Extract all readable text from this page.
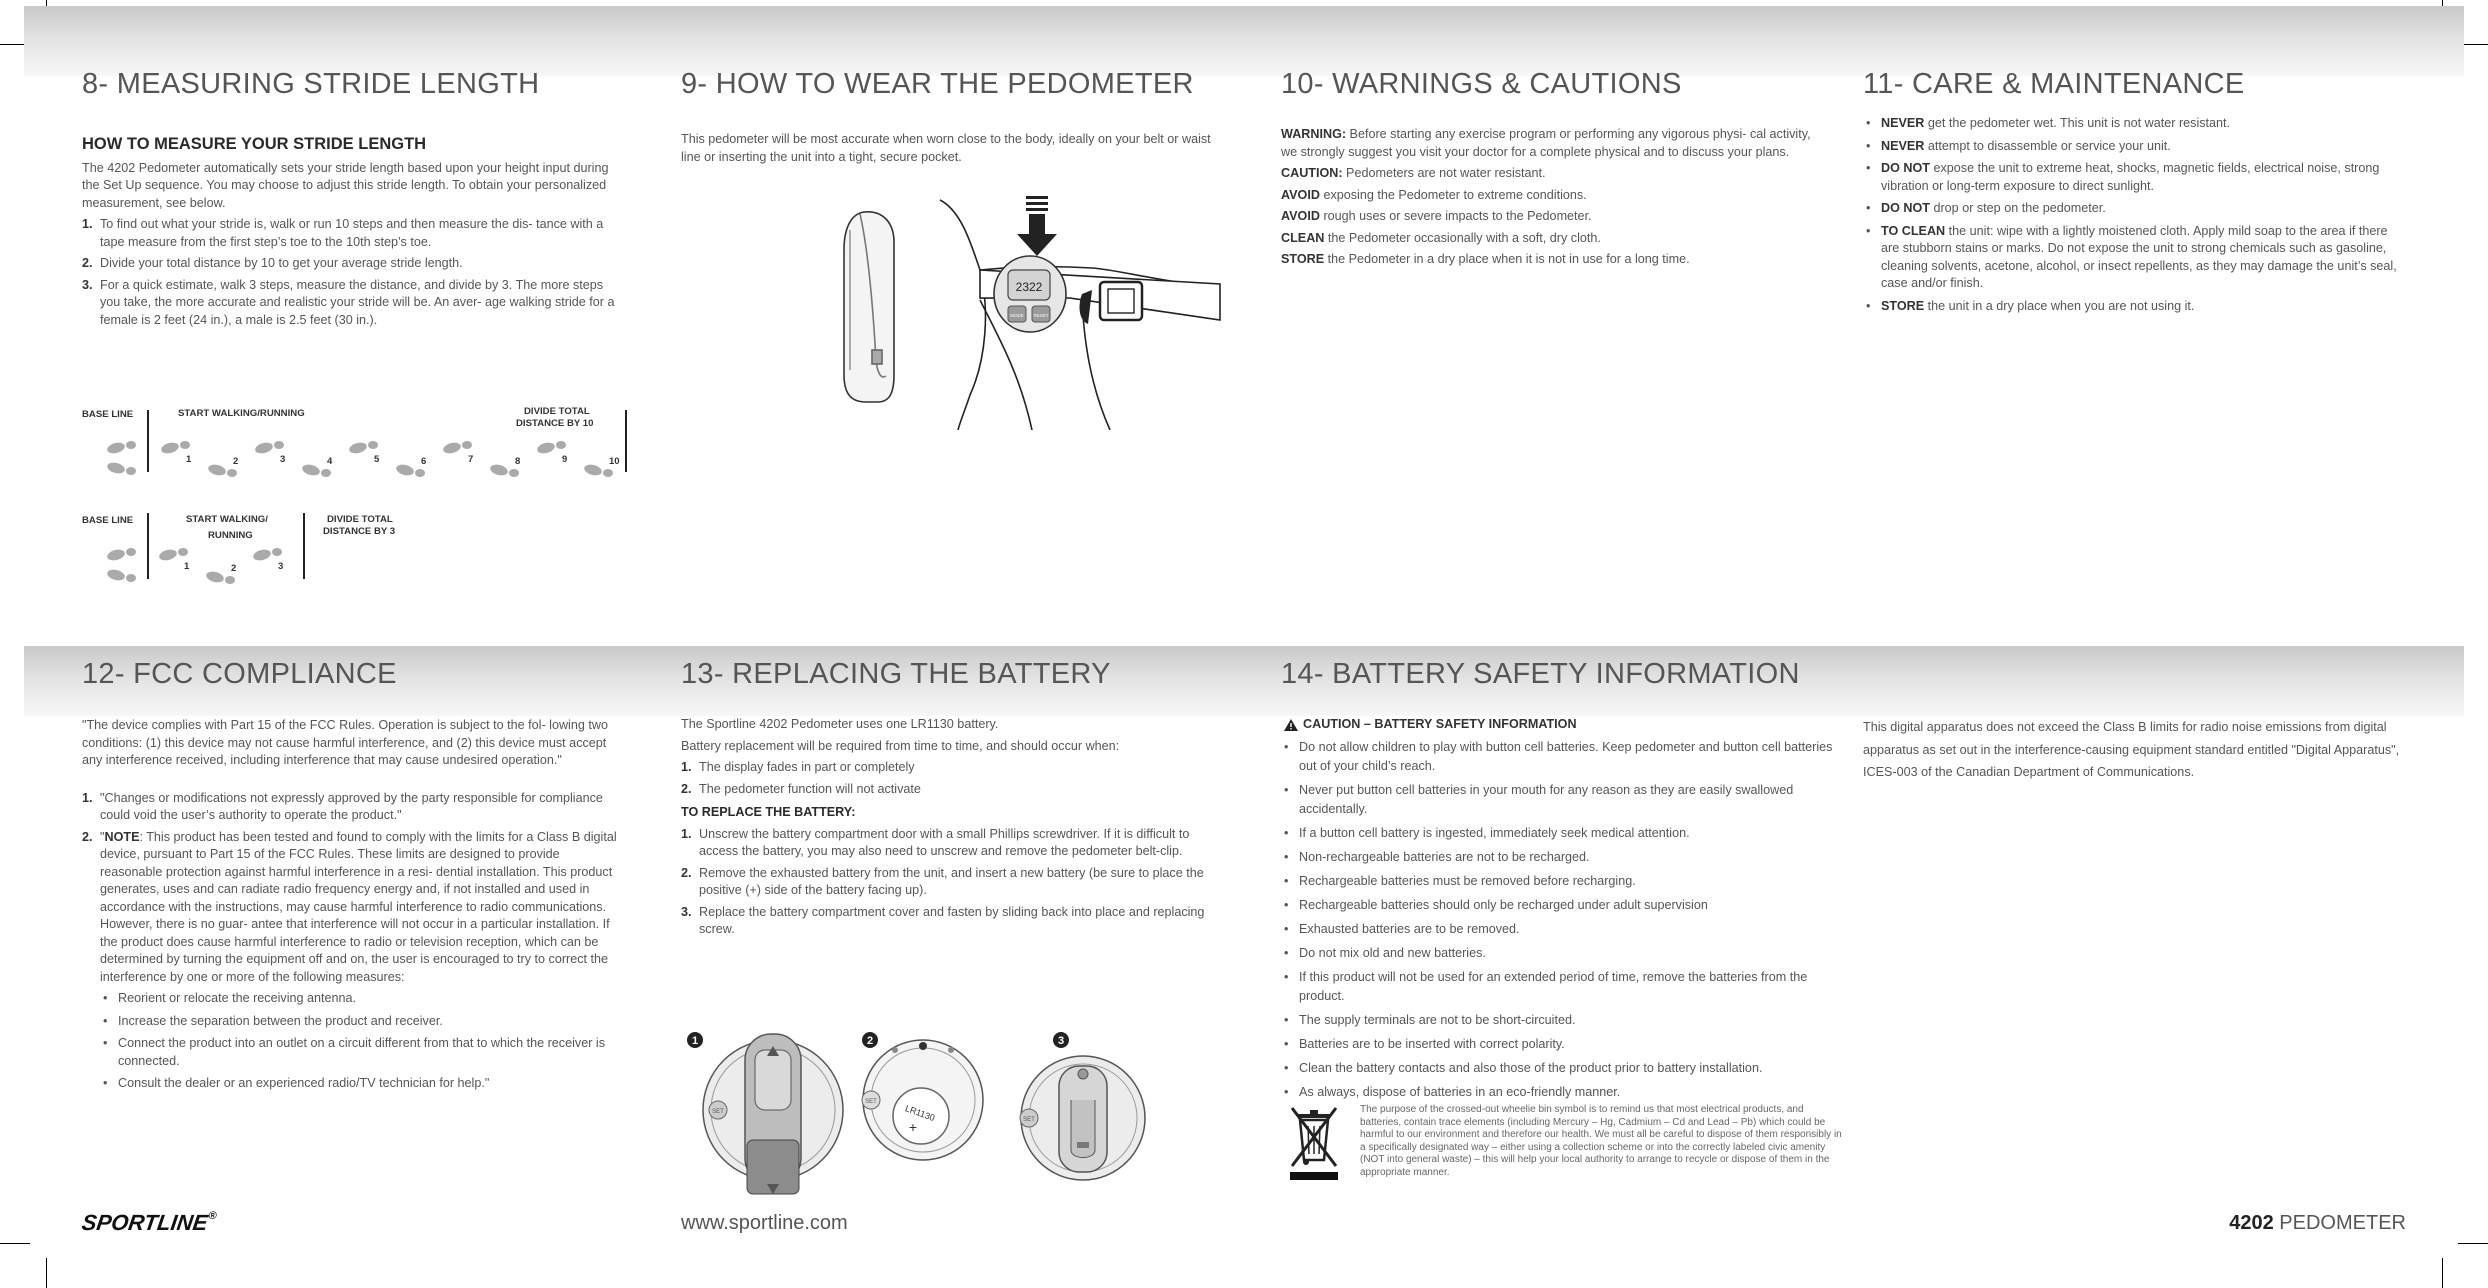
8- MEASURING STRIDE LENGTH
HOW TO MEASURE YOUR STRIDE LENGTH

The 4202 Pedometer automatically sets your stride length based upon your height input during the Set Up sequence. You may choose to adjust this stride length. To obtain your personalized measurement, see below.

1. To find out what your stride is, walk or run 10 steps and then measure the dis- tance with a tape measure from the first step’s toe to the 10th step’s toe.
2. Divide your total distance by 10 to get your average stride length.
3. For a quick estimate, walk 3 steps, measure the distance, and divide by 3. The more steps you take, the more accurate and realistic your stride will be. An aver- age walking stride for a female is 2 feet (24 in.), a male is 2.5 feet (30 in.).
BASE LINE	START WALKING/RUNNING	DIVIDE TOTAL
DISTANCE BY 10
1	2	3	4	5	6	7	8	9	10
BASE LINE	START WALKING/
RUNNING
DIVIDE TOTAL
DISTANCE BY 3
1	2	3
9- HOW TO WEAR THE PEDOMETER
This pedometer will be most accurate when worn close to the body, ideally on your belt or waist line or inserting the unit into a tight, secure pocket.
2322
MODE RESET
10- WARNINGS & CAUTIONS

WARNING: Before starting any exercise program or performing any vigorous physi- cal activity, we strongly suggest you visit your doctor for a complete physical and to discuss your plans.

CAUTION: Pedometers are not water resistant.

AVOID exposing the Pedometer to extreme conditions.

AVOID rough uses or severe impacts to the Pedometer.

CLEAN the Pedometer occasionally with a soft, dry cloth.

STORE the Pedometer in a dry place when it is not in use for a long time.

11- CARE & MAINTENANCE
• NEVER get the pedometer wet. This unit is not water resistant.
• NEVER attempt to disassemble or service your unit.
• DO NOT expose the unit to extreme heat, shocks, magnetic fields, electrical noise, strong vibration or long-term exposure to direct sunlight.
• DO NOT drop or step on the pedometer.
• TO CLEAN the unit: wipe with a lightly moistened cloth. Apply mild soap to the area if there are stubborn stains or marks. Do not expose the unit to strong chemicals such as gasoline, cleaning solvents, acetone, alcohol, or insect repellents, as they may damage the unit’s seal, case and/or finish.
• STORE the unit in a dry place when you are not using it.
12- FCC COMPLIANCE

"The device complies with Part 15 of the FCC Rules. Operation is subject to the fol- lowing two conditions: (1) this device may not cause harmful interference, and (2) this device must accept any interference received, including interference that may cause undesired operation."

1. "Changes or modifications not expressly approved by the party responsible for compliance could void the user’s authority to operate the product."
2. "NOTE: This product has been tested and found to comply with the limits for a Class B digital device, pursuant to Part 15 of the FCC Rules. These limits are designed to provide reasonable protection against harmful interference in a resi- dential installation. This product generates, uses and can radiate radio frequency energy and, if not installed and used in accordance with the instructions, may cause harmful interference to radio communications. However, there is no guar- antee that interference will not occur in a particular installation. If the product does cause harmful interference to radio or television reception, which can be determined by turning the equipment off and on, the user is encouraged to try to correct the interference by one or more of the following measures:
• Reorient or relocate the receiving antenna.
• Increase the separation between the product and receiver.
• Connect the product into an outlet on a circuit different from that to which the receiver is connected.
• Consult the dealer or an experienced radio/TV technician for help."
13- REPLACING THE BATTERY

The Sportline 4202 Pedometer uses one LR1130 battery.

Battery replacement will be required from time to time, and should occur when:

1. The display fades in part or completely
2. The pedometer function will not activate
TO REPLACE THE BATTERY:
1. Unscrew the battery compartment door with a small Phillips screwdriver. If it is difficult to access the battery, you may also need to unscrew and remove the pedometer belt-clip.
2. Remove the exhausted battery from the unit, and insert a new battery (be sure to place the positive (+) side of the battery facing up).
3. Replace the battery compartment cover and fasten by sliding back into place and replacing screw.
SET
1
SET
LR1130
+
2
SET
3
14- BATTERY SAFETY INFORMATION
CAUTION – BATTERY SAFETY INFORMATION
• Do not allow children to play with button cell batteries. Keep pedometer and button cell batteries out of your child’s reach.
• Never put button cell batteries in your mouth for any reason as they are easily swallowed accidentally.
• If a button cell battery is ingested, immediately seek medical attention.
• Non-rechargeable batteries are not to be recharged.
• Rechargeable batteries must be removed before recharging.
• Rechargeable batteries should only be recharged under adult supervision
• Exhausted batteries are to be removed.
• Do not mix old and new batteries.
• If this product will not be used for an extended period of time, remove the batteries from the product.
• The supply terminals are not to be short-circuited.
• Batteries are to be inserted with correct polarity.
• Clean the battery contacts and also those of the product prior to battery installation.
• As always, dispose of batteries in an eco-friendly manner.
The purpose of the crossed-out wheelie bin symbol is to remind us that most electrical products, and batteries, contain trace elements (including Mercury – Hg, Cadmium – Cd and Lead – Pb) which could be harmful to our environment and therefore our health. We must all be careful to dispose of them responsibly in a specifically designated way – either using a collection scheme or into the correctly labeled civic amenity (NOT into general waste) – this will help your local authority to arrange to recycle or dispose of them in the appropriate manner.
This digital apparatus does not exceed the Class B limits for radio noise emissions from digital apparatus as set out in the interference-causing equipment standard entitled "Digital Apparatus", ICES-003 of the Canadian Department of Communications.
SPORTLINE®	www.sportline.com	4202 PEDOMETER
